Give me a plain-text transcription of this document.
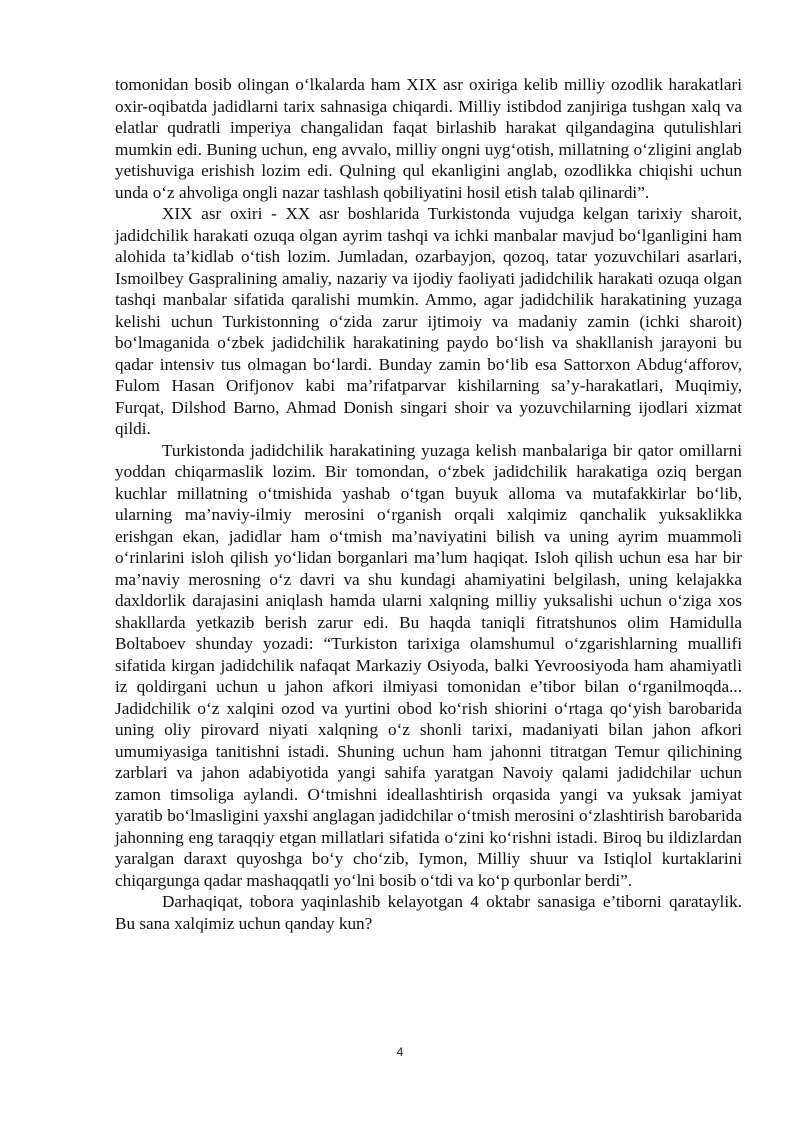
tomonidan bosib olingan o‘lkalarda ham XIX asr oxiriga kelib milliy ozodlik harakatlari oxir-oqibatda jadidlarni tarix sahnasiga chiqardi. Milliy istibdod zanjiriga tushgan xalq va elatlar qudratli imperiya changalidan faqat birlashib harakat qilgandagina qutulishlari mumkin edi. Buning uchun, eng avvalo, milliy ongni uyg‘otish, millatning o‘zligini anglab yetishuviga erishish lozim edi. Qulning qul ekanligini anglab, ozodlikka chiqishi uchun unda o‘z ahvoliga ongli nazar tashlash qobiliyatini hosil etish talab qilinardi”.

XIX asr oxiri - XX asr boshlarida Turkistonda vujudga kelgan tarixiy sharoit, jadidchilik harakati ozuqa olgan ayrim tashqi va ichki manbalar mavjud bo‘lganligini ham alohida ta’kidlab o‘tish lozim. Jumladan, ozarbayjon, qozoq, tatar yozuvchilari asarlari, Ismoilbey Gaspralining amaliy, nazariy va ijodiy faoliyati jadidchilik harakati ozuqa olgan tashqi manbalar sifatida qaralishi mumkin. Ammo, agar jadidchilik harakatining yuzaga kelishi uchun Turkistonning o‘zida zarur ijtimoiy va madaniy zamin (ichki sharoit) bo‘lmaganida o‘zbek jadidchilik harakatining paydo bo‘lish va shakllanish jarayoni bu qadar intensiv tus olmagan bo‘lardi. Bunday zamin bo‘lib esa Sattorxon Abdug‘afforov, Fulom Hasan Orifjonov kabi ma’rifatparvar kishilarning sa’y-harakatlari, Muqimiy, Furqat, Dilshod Barno, Ahmad Donish singari shoir va yozuvchilarning ijodlari xizmat qildi.

Turkistonda jadidchilik harakatining yuzaga kelish manbalariga bir qator omillarni yoddan chiqarmaslik lozim. Bir tomondan, o‘zbek jadidchilik harakatiga oziq bergan kuchlar millatning o‘tmishida yashab o‘tgan buyuk alloma va mutafakkirlar bo‘lib, ularning ma’naviy-ilmiy merosini o‘rganish orqali xalqimiz qanchalik yuksaklikka erishgan ekan, jadidlar ham o‘tmish ma’naviyatini bilish va uning ayrim muammoli o‘rinlarini isloh qilish yo‘lidan borganlari ma’lum haqiqat. Isloh qilish uchun esa har bir ma’naviy merosning o‘z davri va shu kundagi ahamiyatini belgilash, uning kelajakka daxldorlik darajasini aniqlash hamda ularni xalqning milliy yuksalishi uchun o‘ziga xos shakllarda yetkazib berish zarur edi. Bu haqda taniqli fitratshunos olim Hamidulla Boltaboev shunday yozadi: “Turkiston tarixiga olamshumul o‘zgarishlarning muallifi sifatida kirgan jadidchilik nafaqat Markaziy Osiyoda, balki Yevroosiyoda ham ahamiyatli iz qoldirgani uchun u jahon afkori ilmiyasi tomonidan e’tibor bilan o‘rganilmoqda... Jadidchilik o‘z xalqini ozod va yurtini obod ko‘rish shiorini o‘rtaga qo‘yish barobarida uning oliy pirovard niyati xalqning o‘z shonli tarixi, madaniyati bilan jahon afkori umumiyasiga tanitishni istadi. Shuning uchun ham jahonni titratgan Temur qilichining zarblari va jahon adabiyotida yangi sahifa yaratgan Navoiy qalami jadidchilar uchun zamon timsoliga aylandi. O‘tmishni ideallashtirish orqasida yangi va yuksak jamiyat yaratib bo‘lmasligini yaxshi anglagan jadidchilar o‘tmish merosini o‘zlashtirish barobarida jahonning eng taraqqiy etgan millatlari sifatida o‘zini ko‘rishni istadi. Biroq bu ildizlardan yaralgan daraxt quyoshga bo‘y cho‘zib, Iymon, Milliy shuur va Istiqlol kurtaklarini chiqargunga qadar mashaqqatli yo‘lni bosib o‘tdi va ko‘p qurbonlar berdi”.

Darhaqiqat, tobora yaqinlashib kelayotgan 4 oktabr sanasiga e’tiborni qarataylik. Bu sana xalqimiz uchun qanday kun?

4
